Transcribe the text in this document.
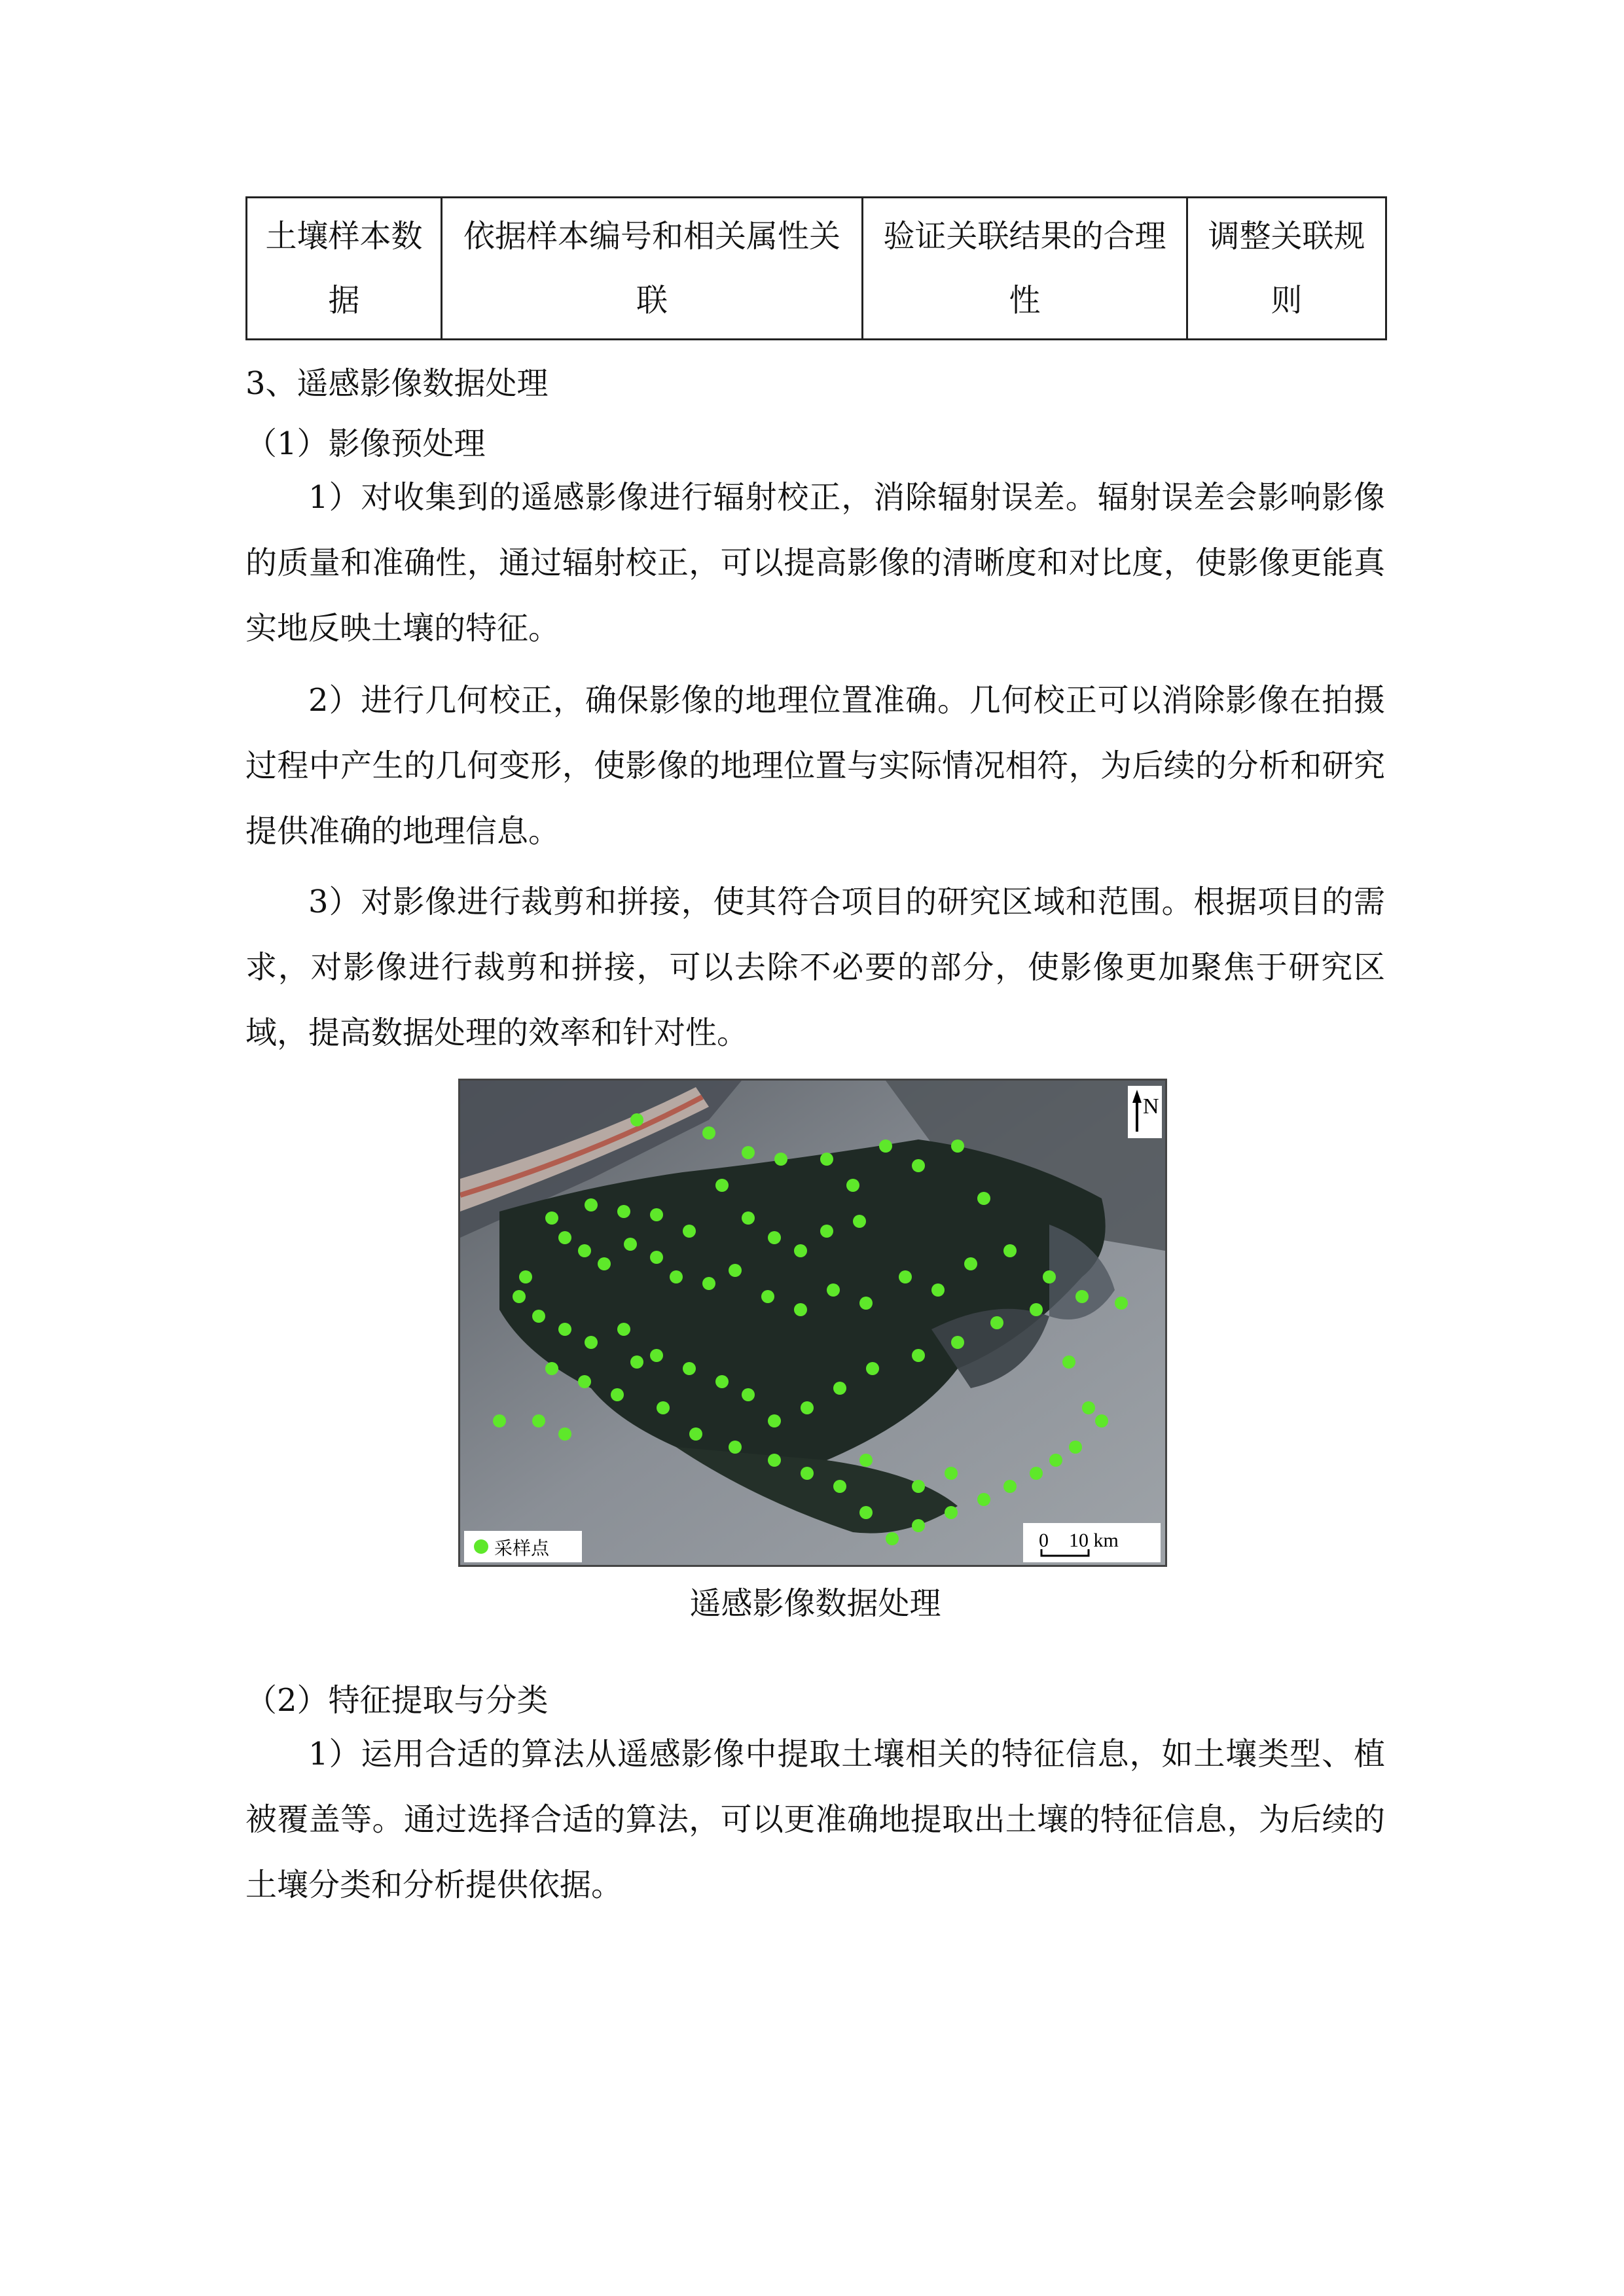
土壤样本数据	依据样本编号和相关属性关联	验证关联结果的合理性	调整关联规则
3、遥感影像数据处理
（1）影像预处理

1）对收集到的遥感影像进行辐射校正，消除辐射误差。辐射误差会影响影像的质量和准确性，通过辐射校正，可以提高影像的清晰度和对比度，使影像更能真实地反映土壤的特征。

2）进行几何校正，确保影像的地理位置准确。几何校正可以消除影像在拍摄过程中产生的几何变形，使影像的地理位置与实际情况相符，为后续的分析和研究提供准确的地理信息。

3）对影像进行裁剪和拼接，使其符合项目的研究区域和范围。根据项目的需求，对影像进行裁剪和拼接，可以去除不必要的部分，使影像更加聚焦于研究区域，提高数据处理的效率和针对性。

N
采样点	0 10 km
遥感影像数据处理
（2）特征提取与分类

1）运用合适的算法从遥感影像中提取土壤相关的特征信息，如土壤类型、植被覆盖等。通过选择合适的算法，可以更准确地提取出土壤的特征信息，为后续的土壤分类和分析提供依据。
